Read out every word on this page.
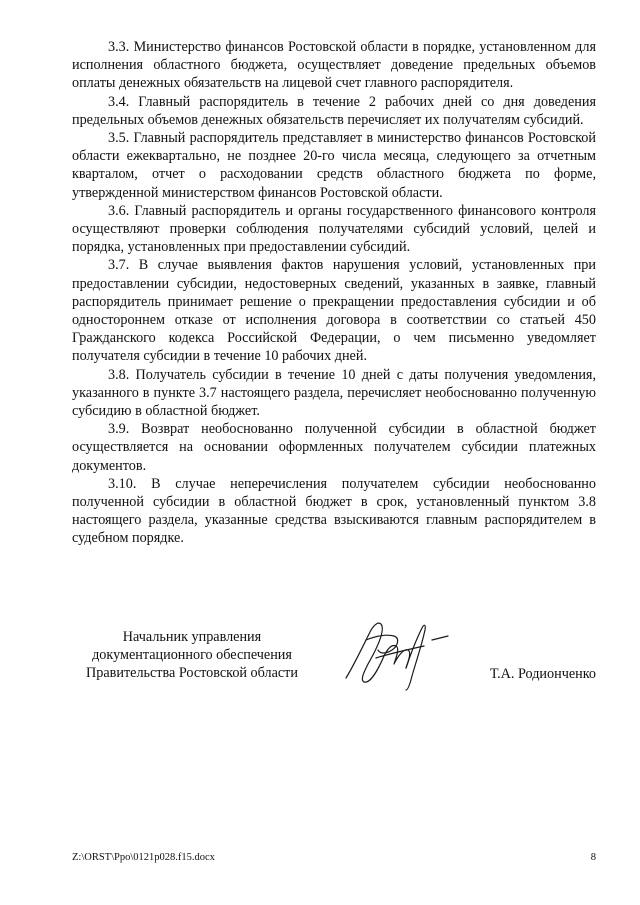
3.3. Министерство финансов Ростовской области в порядке, установленном для исполнения областного бюджета, осуществляет доведение предельных объемов оплаты денежных обязательств на лицевой счет главного распорядителя.

3.4. Главный распорядитель в течение 2 рабочих дней со дня доведения предельных объемов денежных обязательств перечисляет их получателям субсидий.

3.5. Главный распорядитель представляет в министерство финансов Ростовской области ежеквартально, не позднее 20-го числа месяца, следующего за отчетным кварталом, отчет о расходовании средств областного бюджета по форме, утвержденной министерством финансов Ростовской области.

3.6. Главный распорядитель и органы государственного финансового контроля осуществляют проверки соблюдения получателями субсидий условий, целей и порядка, установленных при предоставлении субсидий.

3.7. В случае выявления фактов нарушения условий, установленных при предоставлении субсидии, недостоверных сведений, указанных в заявке, главный распорядитель принимает решение о прекращении предоставления субсидии и об одностороннем отказе от исполнения договора в соответствии со статьей 450 Гражданского кодекса Российской Федерации, о чем письменно уведомляет получателя субсидии в течение 10 рабочих дней.

3.8. Получатель субсидии в течение 10 дней с даты получения уведомления, указанного в пункте 3.7 настоящего раздела, перечисляет необоснованно полученную субсидию в областной бюджет.

3.9. Возврат необоснованно полученной субсидии в областной бюджет осуществляется на основании оформленных получателем субсидии платежных документов.

3.10. В случае неперечисления получателем субсидии необоснованно полученной субсидии в областной бюджет в срок, установленный пунктом 3.8 настоящего раздела, указанные средства взыскиваются главным распорядителем в судебном порядке.

Начальник управления
документационного обеспечения
Правительства Ростовской области	Т.А. Родионченко
Z:\ORST\Ppo\0121p028.f15.docx	8
